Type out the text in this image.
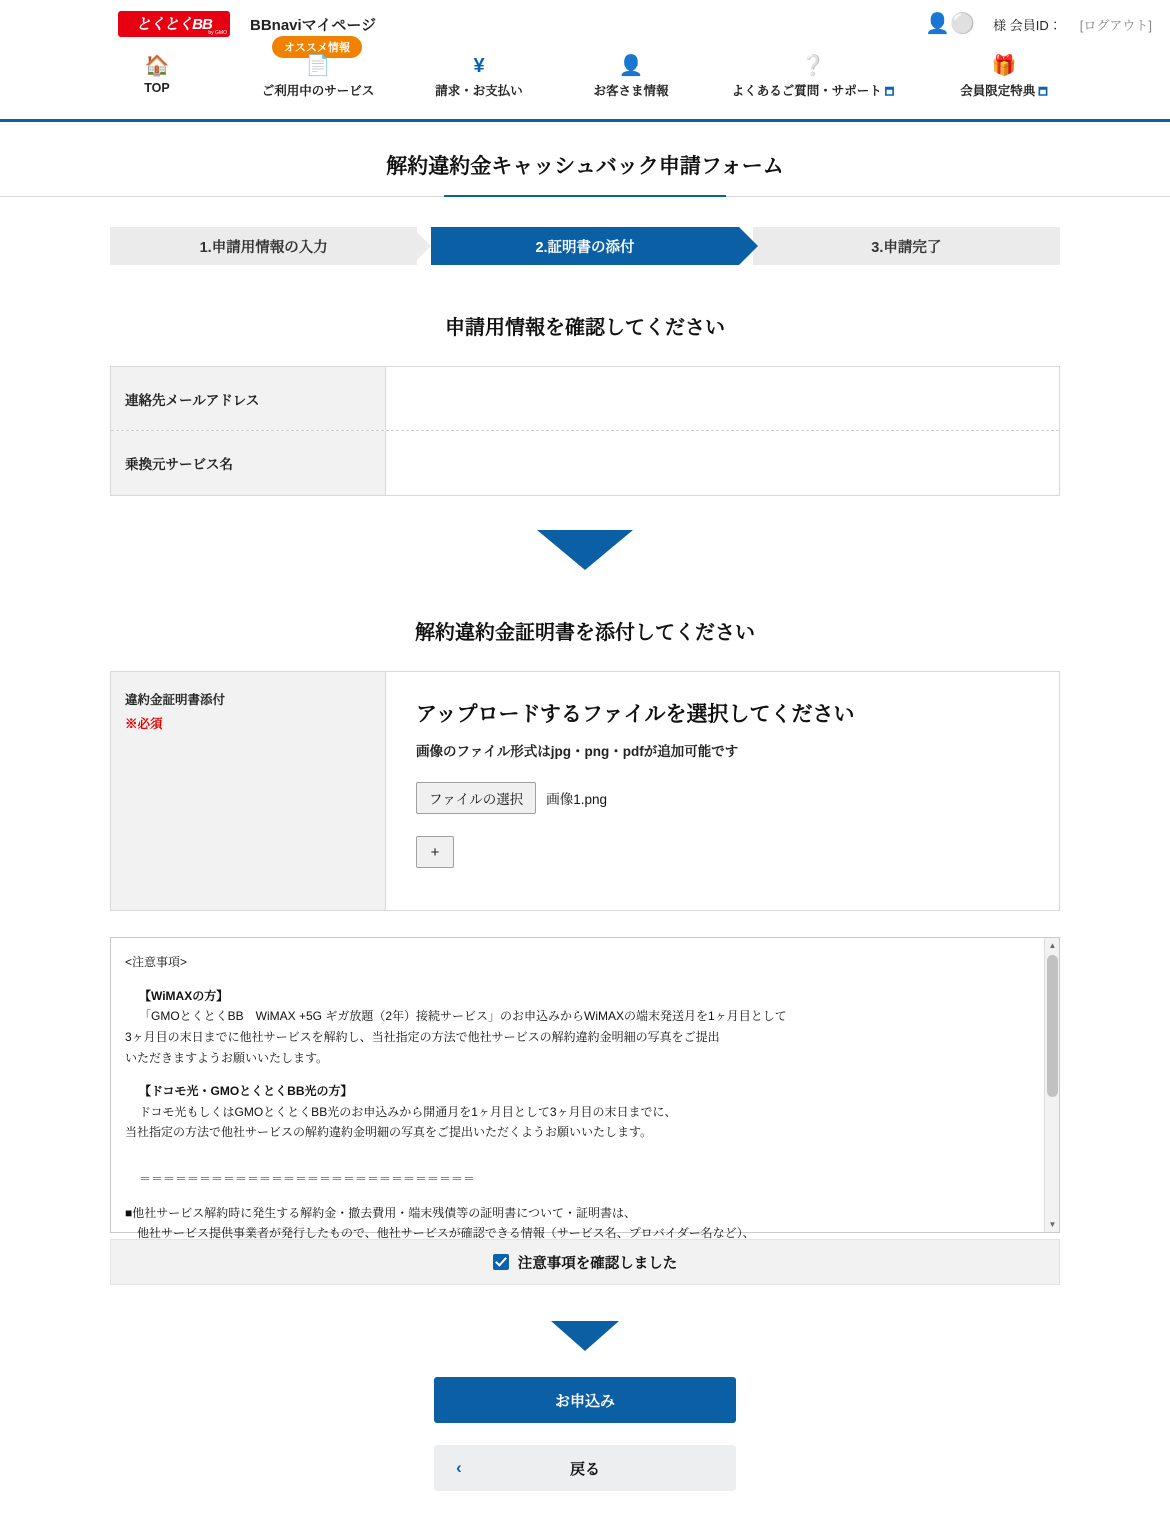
とくとくBB
by GMO BBnaviマイページ	👤⚪ 様 会員ID： [ログアウト]
オススメ情報
🏠
TOP
📄
ご利用中のサービス
¥
請求・お支払い
👤
お客さま情報
❔
よくあるご質問・サポート 🗖
🎁
会員限定特典 🗖
解約違約金キャッシュバック申請フォーム
1.申請用情報の入力	2.証明書の添付	3.申請完了
申請用情報を確認してください
連絡先メールアドレス
乗換元サービス名
解約違約金証明書を添付してください
違約金証明書添付
※必須	アップロードするファイルを選択してください
画像のファイル形式はjpg・png・pdfが追加可能です
ファイルの選択	画像1.png
+

<注意事項>

【WiMAXの方】

「GMOとくとくBB　WiMAX +5G ギガ放題（2年）接続サービス」のお申込みからWiMAXの端末発送月を1ヶ月目として

3ヶ月目の末日までに他社サービスを解約し、当社指定の方法で他社サービスの解約違約金明細の写真をご提出

いただきますようお願いいたします。

【ドコモ光・GMOとくとくBB光の方】

ドコモ光もしくはGMOとくとくBB光のお申込みから開通月を1ヶ月目として3ヶ月目の末日までに、

当社指定の方法で他社サービスの解約違約金明細の写真をご提出いただくようお願いいたします。

＝＝＝＝＝＝＝＝＝＝＝＝＝＝＝＝＝＝＝＝＝＝＝＝＝＝＝＝

■他社サービス解約時に発生する解約金・撤去費用・端末残債等の証明書について・証明書は、

　他社サービス提供事業者が発行したもので、他社サービスが確認できる情報（サービス名、プロバイダー名など）、

▲
▼
注意事項を確認しました
お申込み
‹	戻る
